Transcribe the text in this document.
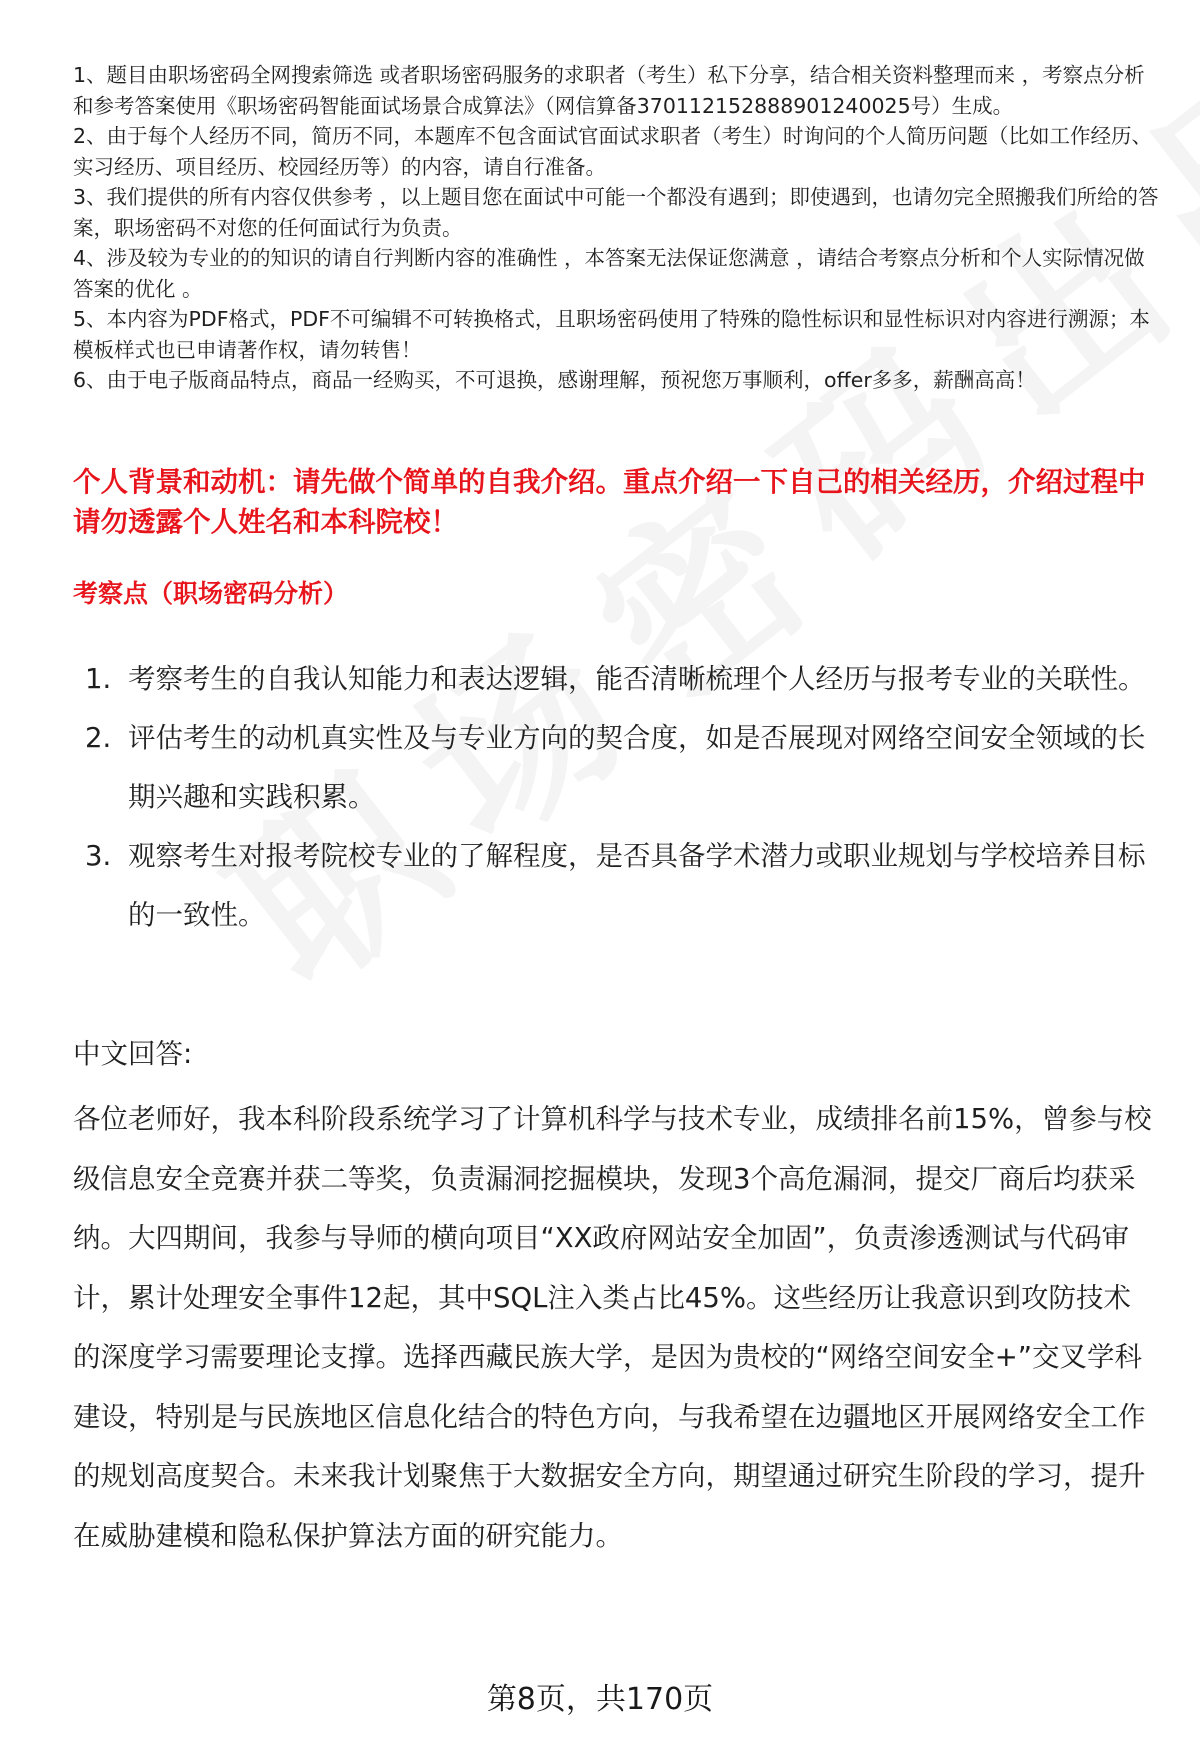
1、题目由职场密码全网搜索筛选 或者职场密码服务的求职者（考生）私下分享，结合相关资料整理而来 ，考察点分析和参考答案使用《职场密码智能面试场景合成算法》（网信算备370112152888901240025号）生成。

2、由于每个人经历不同，简历不同，本题库不包含面试官面试求职者（考生）时询问的个人简历问题（比如工作经历、实习经历、项目经历、校园经历等）的内容，请自行准备。

3、我们提供的所有内容仅供参考 ，以上题目您在面试中可能一个都没有遇到；即使遇到，也请勿完全照搬我们所给的答案，职场密码不对您的任何面试行为负责。

4、涉及较为专业的的知识的请自行判断内容的准确性 ，本答案无法保证您满意 ，请结合考察点分析和个人实际情况做答案的优化 。

5、本内容为PDF格式，PDF不可编辑不可转换格式，且职场密码使用了特殊的隐性标识和显性标识对内容进行溯源；本模板样式也已申请著作权，请勿转售！

6、由于电子版商品特点，商品一经购买，不可退换，感谢理解，预祝您万事顺利，offer多多，薪酬高高！

个人背景和动机：请先做个简单的自我介绍。重点介绍一下自己的相关经历，介绍过程中请勿透露个人姓名和本科院校！
考察点（职场密码分析）
1. 考察考生的自我认知能力和表达逻辑，能否清晰梳理个人经历与报考专业的关联性。
2. 评估考生的动机真实性及与专业方向的契合度，如是否展现对网络空间安全领域的长期兴趣和实践积累。
3. 观察考生对报考院校专业的了解程度，是否具备学术潜力或职业规划与学校培养目标的一致性。
中文回答:

各位老师好，我本科阶段系统学习了计算机科学与技术专业，成绩排名前15%，曾参与校级信息安全竞赛并获二等奖，负责漏洞挖掘模块，发现3个高危漏洞，提交厂商后均获采纳。大四期间，我参与导师的横向项目“XX政府网站安全加固”，负责渗透测试与代码审计，累计处理安全事件12起，其中SQL注入类占比45%。这些经历让我意识到攻防技术的深度学习需要理论支撑。选择西藏民族大学，是因为贵校的“网络空间安全+”交叉学科建设，特别是与民族地区信息化结合的特色方向，与我希望在边疆地区开展网络安全工作的规划高度契合。未来我计划聚焦于大数据安全方向，期望通过研究生阶段的学习，提升在威胁建模和隐私保护算法方面的研究能力。

第8页，共170页
